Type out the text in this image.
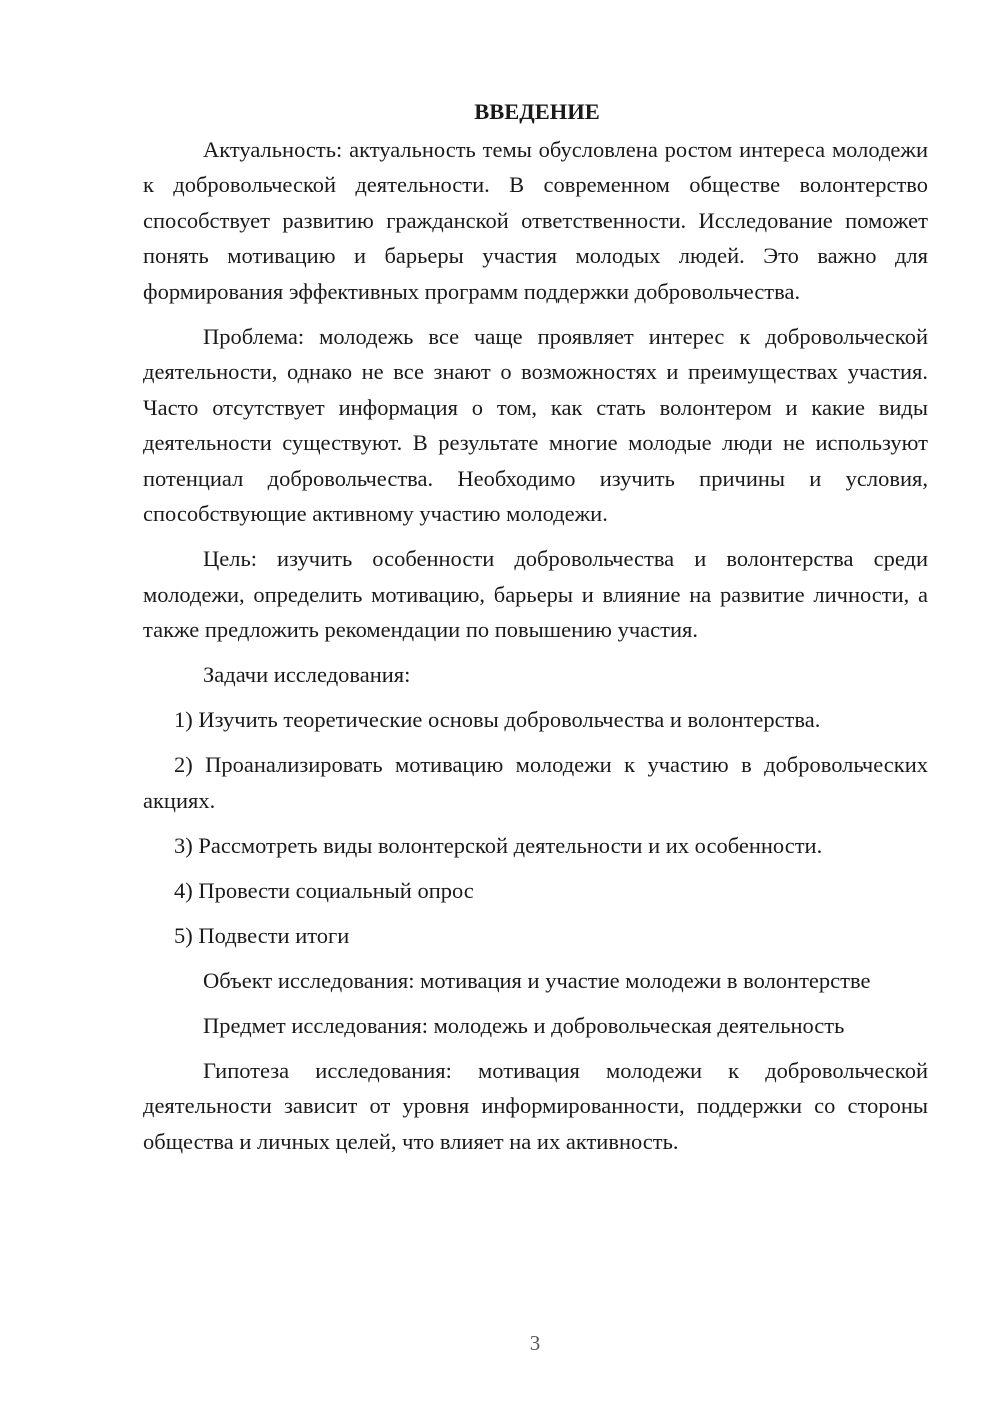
ВВЕДЕНИЕ

Актуальность: актуальность темы обусловлена ростом интереса молодежи к добровольческой деятельности. В современном обществе волонтерство способствует развитию гражданской ответственности. Исследование поможет понять мотивацию и барьеры участия молодых людей. Это важно для формирования эффективных программ поддержки добровольчества.

Проблема: молодежь все чаще проявляет интерес к добровольческой деятельности, однако не все знают о возможностях и преимуществах участия. Часто отсутствует информация о том, как стать волонтером и какие виды деятельности существуют. В результате многие молодые люди не используют потенциал добровольчества. Необходимо изучить причины и условия, способствующие активному участию молодежи.

Цель: изучить особенности добровольчества и волонтерства среди молодежи, определить мотивацию, барьеры и влияние на развитие личности, а также предложить рекомендации по повышению участия.

Задачи исследования:

1) Изучить теоретические основы добровольчества и волонтерства.

2) Проанализировать мотивацию молодежи к участию в добровольческих акциях.

3) Рассмотреть виды волонтерской деятельности и их особенности.

4) Провести социальный опрос

5) Подвести итоги

Объект исследования: мотивация и участие молодежи в волонтерстве

Предмет исследования: молодежь и добровольческая деятельность

Гипотеза исследования: мотивация молодежи к добровольческой деятельности зависит от уровня информированности, поддержки со стороны общества и личных целей, что влияет на их активность.

3
